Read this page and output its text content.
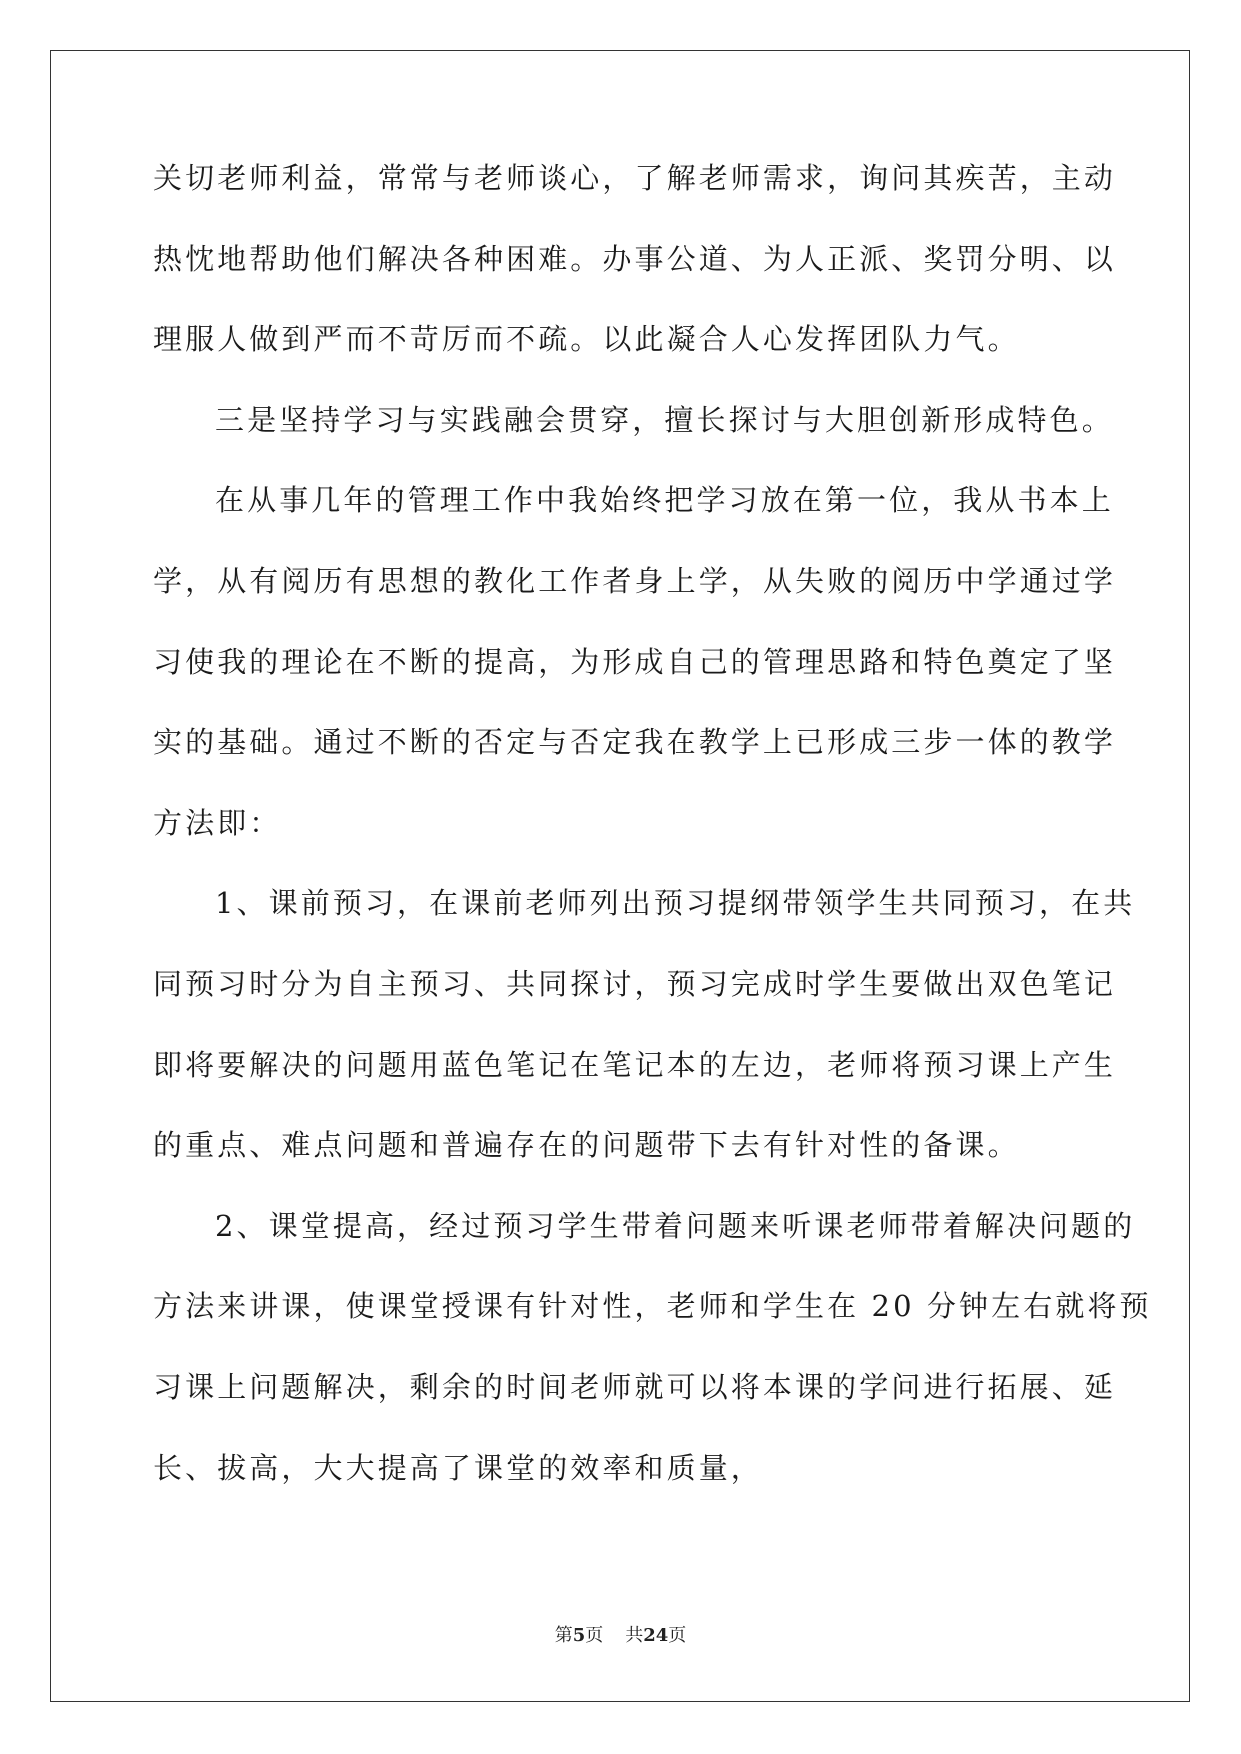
关切老师利益，常常与老师谈心，了解老师需求，询问其疾苦，主动

热忱地帮助他们解决各种困难。办事公道、为人正派、奖罚分明、以

理服人做到严而不苛厉而不疏。以此凝合人心发挥团队力气。

三是坚持学习与实践融会贯穿，擅长探讨与大胆创新形成特色。

在从事几年的管理工作中我始终把学习放在第一位，我从书本上

学，从有阅历有思想的教化工作者身上学，从失败的阅历中学通过学

习使我的理论在不断的提高，为形成自己的管理思路和特色奠定了坚

实的基础。通过不断的否定与否定我在教学上已形成三步一体的教学

方法即：

1、课前预习，在课前老师列出预习提纲带领学生共同预习，在共

同预习时分为自主预习、共同探讨，预习完成时学生要做出双色笔记

即将要解决的问题用蓝色笔记在笔记本的左边，老师将预习课上产生

的重点、难点问题和普遍存在的问题带下去有针对性的备课。

2、课堂提高，经过预习学生带着问题来听课老师带着解决问题的

方法来讲课，使课堂授课有针对性，老师和学生在 20 分钟左右就将预

习课上问题解决，剩余的时间老师就可以将本课的学问进行拓展、延

长、拔高，大大提高了课堂的效率和质量，

第5页 共24页
